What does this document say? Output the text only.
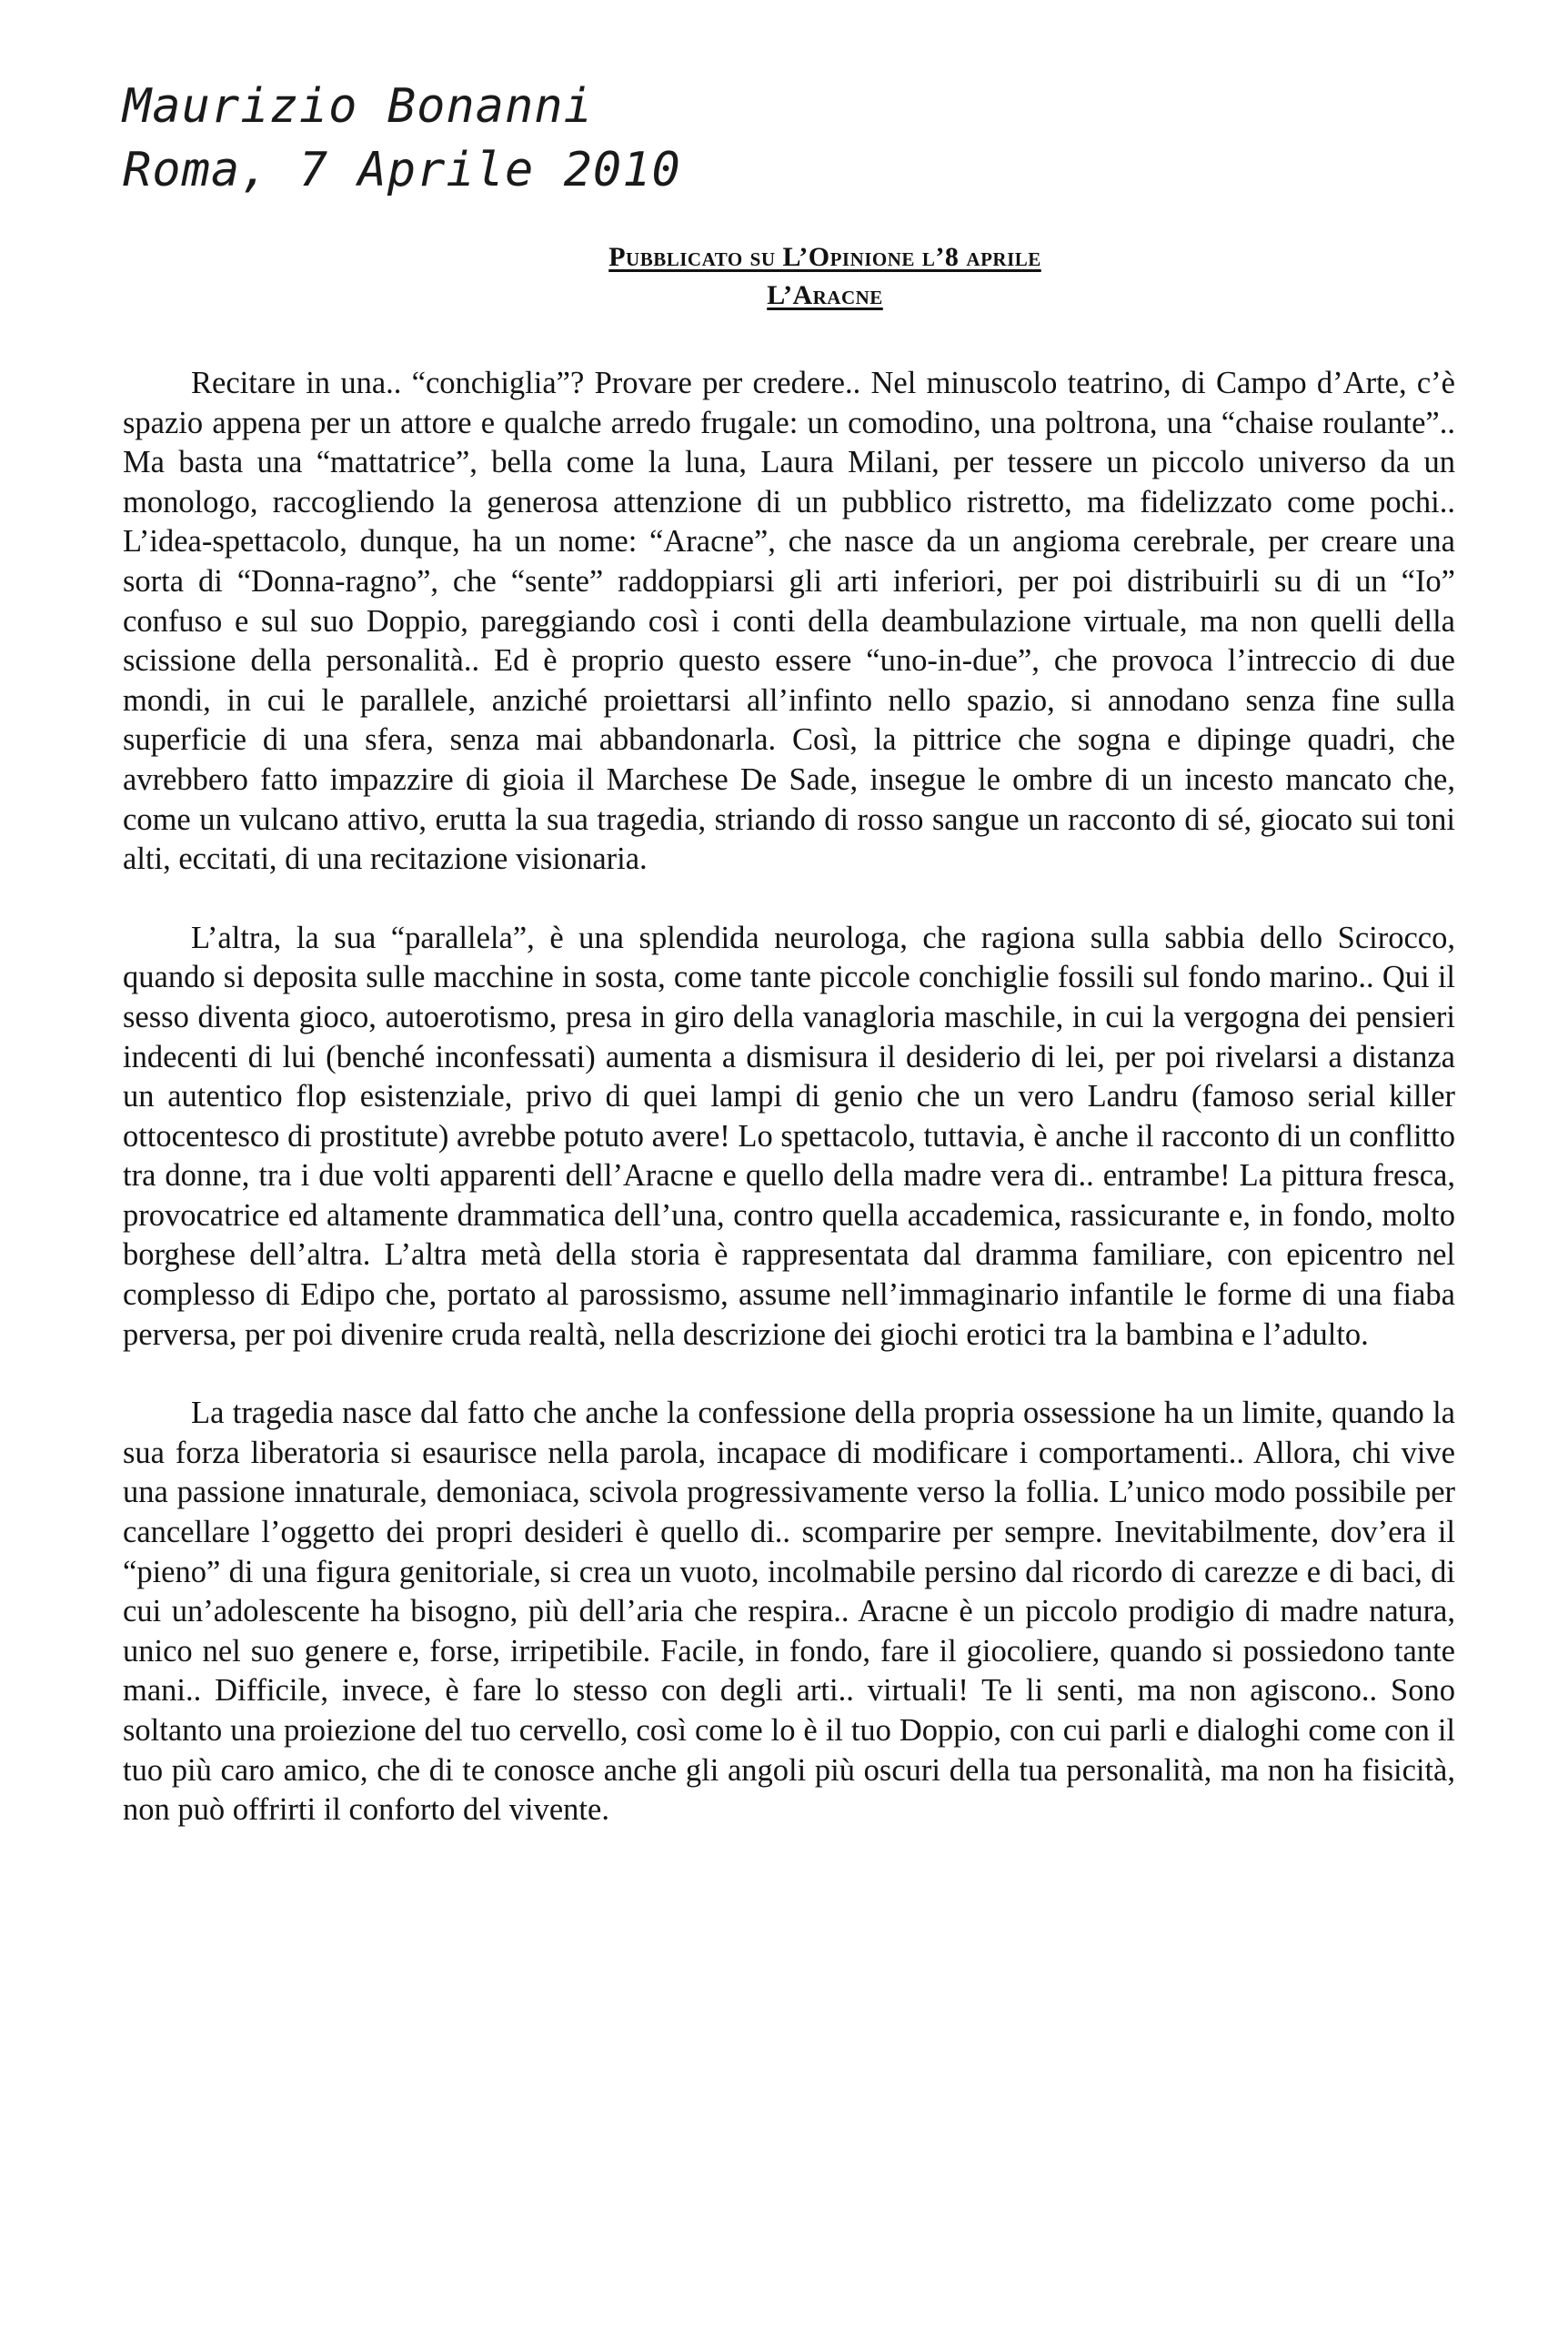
Maurizio Bonanni
Roma, 7 Aprile 2010
Pubblicato su L’Opinione l’8 aprile
L’Aracne

Recitare in una.. “conchiglia”? Provare per credere.. Nel minuscolo teatrino, di Campo d’Arte, c’è spazio appena per un attore e qualche arredo frugale: un comodino, una poltrona, una “chaise roulante”.. Ma basta una “mattatrice”, bella come la luna, Laura Milani, per tessere un piccolo universo da un monologo, raccogliendo la generosa attenzione di un pubblico ristretto, ma fidelizzato come pochi.. L’idea-spettacolo, dunque, ha un nome: “Aracne”, che nasce da un angioma cerebrale, per creare una sorta di “Donna-ragno”, che “sente” raddoppiarsi gli arti inferiori, per poi distribuirli su di un “Io” confuso e sul suo Doppio, pareggiando così i conti della deambulazione virtuale, ma non quelli della scissione della personalità.. Ed è proprio questo essere “uno-in-due”, che provoca l’intreccio di due mondi, in cui le parallele, anziché proiettarsi all’infinto nello spazio, si annodano senza fine sulla superficie di una sfera, senza mai abbandonarla. Così, la pittrice che sogna e dipinge quadri, che avrebbero fatto impazzire di gioia il Marchese De Sade, insegue le ombre di un incesto mancato che, come un vulcano attivo, erutta la sua tragedia, striando di rosso sangue un racconto di sé, giocato sui toni alti, eccitati, di una recitazione visionaria.

L’altra, la sua “parallela”, è una splendida neurologa, che ragiona sulla sabbia dello Scirocco, quando si deposita sulle macchine in sosta, come tante piccole conchiglie fossili sul fondo marino.. Qui il sesso diventa gioco, autoerotismo, presa in giro della vanagloria maschile, in cui la vergogna dei pensieri indecenti di lui (benché inconfessati) aumenta a dismisura il desiderio di lei, per poi rivelarsi a distanza un autentico flop esistenziale, privo di quei lampi di genio che un vero Landru (famoso serial killer ottocentesco di prostitute) avrebbe potuto avere! Lo spettacolo, tuttavia, è anche il racconto di un conflitto tra donne, tra i due volti apparenti dell’Aracne e quello della madre vera di.. entrambe! La pittura fresca, provocatrice ed altamente drammatica dell’una, contro quella accademica, rassicurante e, in fondo, molto borghese dell’altra. L’altra metà della storia è rappresentata dal dramma familiare, con epicentro nel complesso di Edipo che, portato al parossismo, assume nell’immaginario infantile le forme di una fiaba perversa, per poi divenire cruda realtà, nella descrizione dei giochi erotici tra la bambina e l’adulto.

La tragedia nasce dal fatto che anche la confessione della propria ossessione ha un limite, quando la sua forza liberatoria si esaurisce nella parola, incapace di modificare i comportamenti.. Allora, chi vive una passione innaturale, demoniaca, scivola progressivamente verso la follia. L’unico modo possibile per cancellare l’oggetto dei propri desideri è quello di.. scomparire per sempre. Inevitabilmente, dov’era il “pieno” di una figura genitoriale, si crea un vuoto, incolmabile persino dal ricordo di carezze e di baci, di cui un’adolescente ha bisogno, più dell’aria che respira.. Aracne è un piccolo prodigio di madre natura, unico nel suo genere e, forse, irripetibile. Facile, in fondo, fare il giocoliere, quando si possiedono tante mani.. Difficile, invece, è fare lo stesso con degli arti.. virtuali! Te li senti, ma non agiscono.. Sono soltanto una proiezione del tuo cervello, così come lo è il tuo Doppio, con cui parli e dialoghi come con il tuo più caro amico, che di te conosce anche gli angoli più oscuri della tua personalità, ma non ha fisicità, non può offrirti il conforto del vivente.
